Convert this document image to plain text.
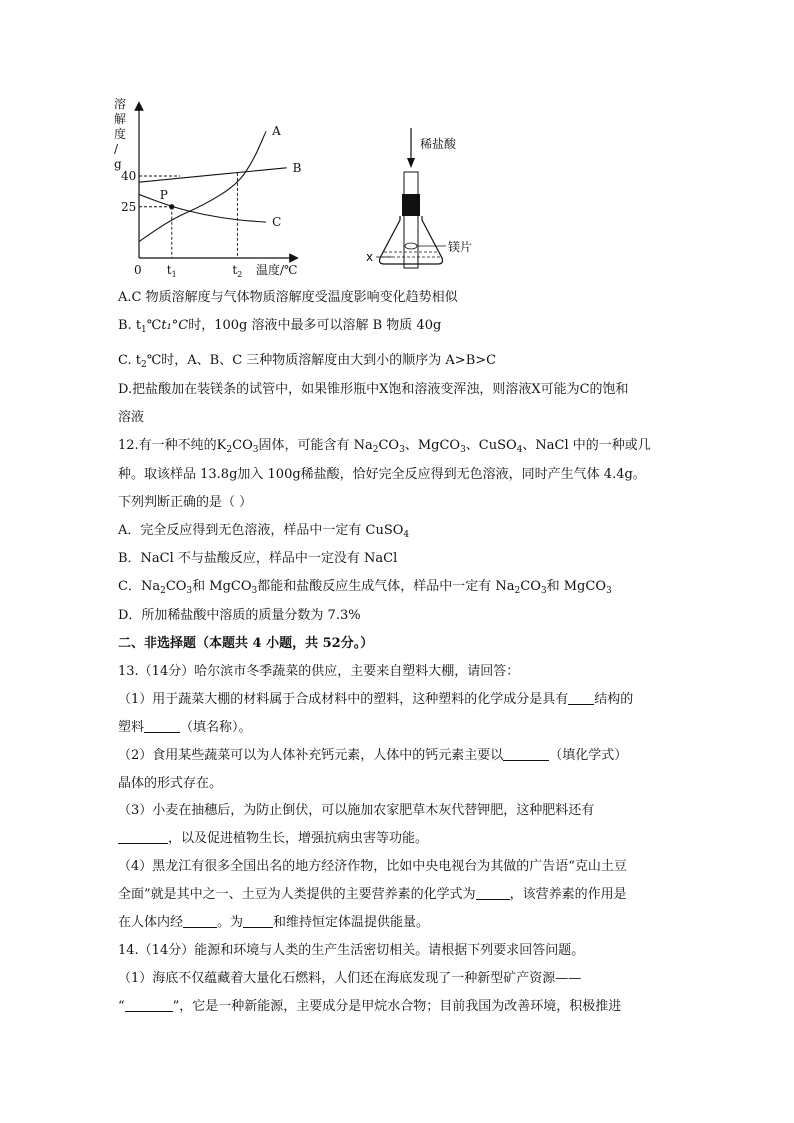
溶解度/ g
A
B
C
P
25
40
$t_1$	$t_2$
0	温度/℃
稀盐酸
镁片
x
A.C 物质溶解度与气体物质溶解度受温度影响变化趋势相似
B. $t_1℃t_1^\circ C$时，100g 溶液中最多可以溶解 B 物质 40g
C. $t_2℃$时，A、B、C 三种物质溶解度由大到小的顺序为 A>B>C
D.把盐酸加在装镁条的试管中，如果锥形瓶中X饱和溶液变浑浊，则溶液X可能为C的饱和
溶液
12.有一种不纯的$K_2CO_3$固体，可能含有 $Na_2CO_3$、MgCO$_3$、CuSO$_4$、NaCl 中的一种或几
种。取该样品 13.8g加入 100g稀盐酸，恰好完全反应得到无色溶液，同时产生气体 4.4g。
下列判断正确的是（ ）
A．完全反应得到无色溶液，样品中一定有 CuSO$_4$
B．NaCl 不与盐酸反应，样品中一定没有 NaCl
C．$Na_2CO_3$和 MgCO$_3$都能和盐酸反应生成气体，样品中一定有 $Na_2CO_3$和 MgCO$_3$
D．所加稀盐酸中溶质的质量分数为 7.3%
二、非选择题（本题共 4 小题，共 52分。）
13.（14分）哈尔滨市冬季蔬菜的供应，主要来自塑料大棚，请回答：
（1）用于蔬菜大棚的材料属于合成材料中的塑料，这种塑料的化学成分是具有 结构的
塑料	（填名称）。
（2）食用某些蔬菜可以为人体补充钙元素，人体中的钙元素主要以	（填化学式）
晶体的形式存在。
（3）小麦在抽穗后，为防止倒伏，可以施加农家肥草木灰代替钾肥，这种肥料还有
，以及促进植物生长，增强抗病虫害等功能。
（4）黑龙江有很多全国出名的地方经济作物，比如中央电视台为其做的广告语“克山土豆
全面”就是其中之一、土豆为人类提供的主要营养素的化学式为	，该营养素的作用是
在人体内经	。为 和维持恒定体温提供能量。
14.（14分）能源和环境与人类的生产生活密切相关。请根据下列要求回答问题。
（1）海底不仅蕴藏着大量化石燃料，人们还在海底发现了一种新型矿产资源——
“	”，它是一种新能源，主要成分是甲烷水合物；目前我国为改善环境，积极推进
